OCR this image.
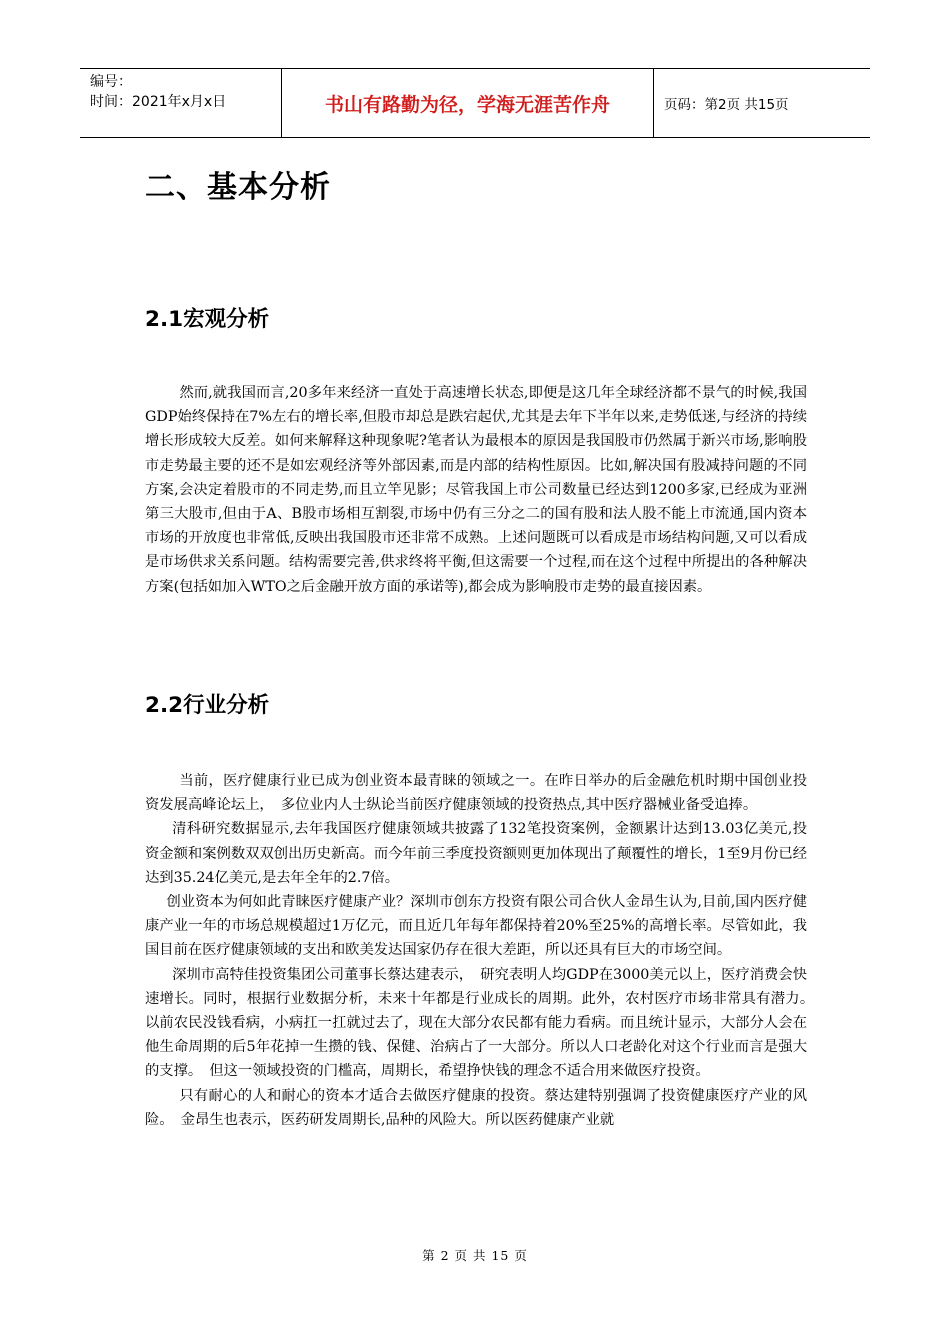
编号：
时间：2021年x月x日	书山有路勤为径，学海无涯苦作舟	页码：第2页 共15页
二、基本分析
2.1宏观分析

然而,就我国而言,20多年来经济一直处于高速增长状态,即便是这几年全球经济都不景气的时候,我国GDP始终保持在7%左右的增长率,但股市却总是跌宕起伏,尤其是去年下半年以来,走势低迷,与经济的持续增长形成较大反差。如何来解释这种现象呢?笔者认为最根本的原因是我国股市仍然属于新兴市场,影响股市走势最主要的还不是如宏观经济等外部因素,而是内部的结构性原因。比如,解决国有股减持问题的不同方案,会决定着股市的不同走势,而且立竿见影；尽管我国上市公司数量已经达到1200多家,已经成为亚洲第三大股市,但由于A、B股市场相互割裂,市场中仍有三分之二的国有股和法人股不能上市流通,国内资本市场的开放度也非常低,反映出我国股市还非常不成熟。上述问题既可以看成是市场结构问题,又可以看成是市场供求关系问题。结构需要完善,供求终将平衡,但这需要一个过程,而在这个过程中所提出的各种解决方案(包括如加入WTO之后金融开放方面的承诺等),都会成为影响股市走势的最直接因素。

2.2行业分析

当前，医疗健康行业已成为创业资本最青睐的领域之一。在昨日举办的后金融危机时期中国创业投资发展高峰论坛上，　多位业内人士纵论当前医疗健康领域的投资热点,其中医疗器械业备受追捧。

清科研究数据显示,去年我国医疗健康领域共披露了132笔投资案例，金额累计达到13.03亿美元,投资金额和案例数双双创出历史新高。而今年前三季度投资额则更加体现出了颠覆性的增长，1至9月份已经达到35.24亿美元,是去年全年的2.7倍。

创业资本为何如此青睐医疗健康产业？深圳市创东方投资有限公司合伙人金昂生认为,目前,国内医疗健康产业一年的市场总规模超过1万亿元，而且近几年每年都保持着20%至25%的高增长率。尽管如此，我国目前在医疗健康领域的支出和欧美发达国家仍存在很大差距，所以还具有巨大的市场空间。

深圳市高特佳投资集团公司董事长蔡达建表示，　研究表明人均GDP在3000美元以上，医疗消费会快速增长。同时，根据行业数据分析，未来十年都是行业成长的周期。此外，农村医疗市场非常具有潜力。　以前农民没钱看病，小病扛一扛就过去了，现在大部分农民都有能力看病。而且统计显示，大部分人会在他生命周期的后5年花掉一生攒的钱、保健、治病占了一大部分。所以人口老龄化对这个行业而言是强大的支撑。　但这一领域投资的门槛高，周期长，希望挣快钱的理念不适合用来做医疗投资。

只有耐心的人和耐心的资本才适合去做医疗健康的投资。蔡达建特别强调了投资健康医疗产业的风险。　金昂生也表示，医药研发周期长,品种的风险大。所以医药健康产业就

第 2 页 共 15 页
